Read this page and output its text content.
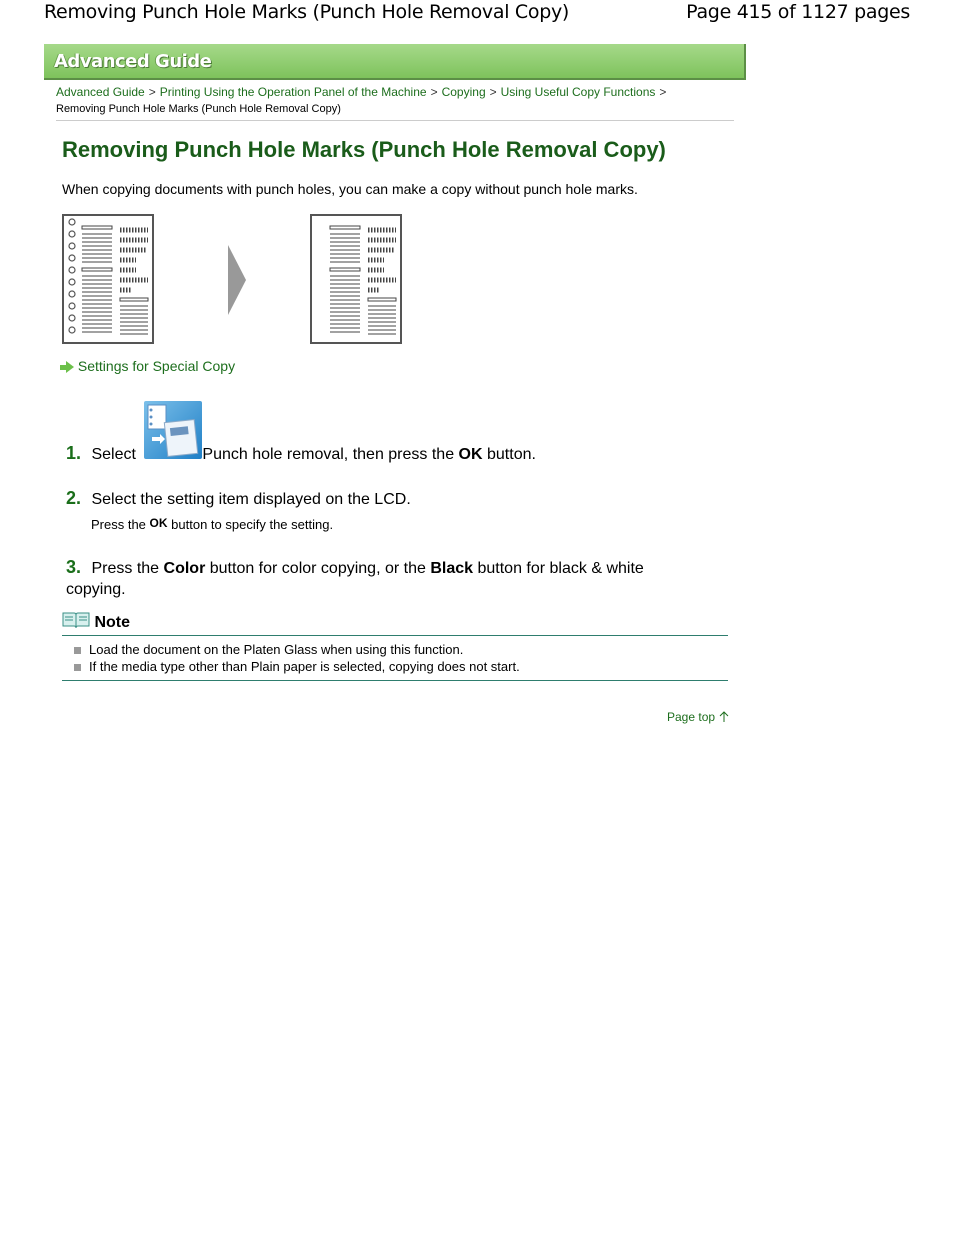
Removing Punch Hole Marks (Punch Hole Removal Copy)	Page 415 of 1127 pages
Advanced Guide
Advanced Guide > Printing Using the Operation Panel of the Machine > Copying > Using Useful Copy Functions >
Removing Punch Hole Marks (Punch Hole Removal Copy)
Removing Punch Hole Marks (Punch Hole Removal Copy)
When copying documents with punch holes, you can make a copy without punch hole marks.
Settings for Special Copy
1. Select	Punch hole removal, then press the OK button.
2. Select the setting item displayed on the LCD.
Press the OK button to specify the setting.
3. Press the Color button for color copying, or the Black button for black & white copying.
Note
Load the document on the Platen Glass when using this function.
If the media type other than Plain paper is selected, copying does not start.
Page top
